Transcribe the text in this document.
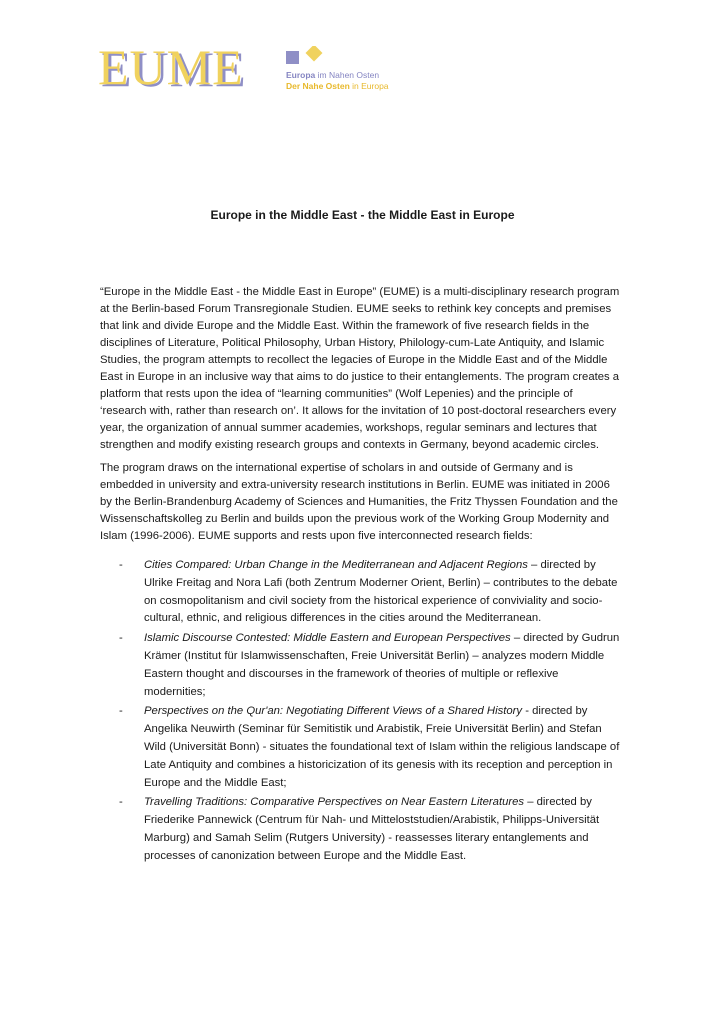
EUME	Europa im Nahen Osten
Der Nahe Osten in Europa
Europe in the Middle East - the Middle East in Europe

“Europe in the Middle East - the Middle East in Europe” (EUME) is a multi-disciplinary research program at the Berlin-based Forum Transregionale Studien. EUME seeks to rethink key concepts and premises that link and divide Europe and the Middle East. Within the framework of five research fields in the disciplines of Literature, Political Philosophy, Urban History, Philology-cum-Late Antiquity, and Islamic Studies, the program attempts to recollect the legacies of Europe in the Middle East and of the Middle East in Europe in an inclusive way that aims to do justice to their entanglements. The program creates a platform that rests upon the idea of “learning communities” (Wolf Lepenies) and the principle of ‘research with, rather than research on’. It allows for the invitation of 10 post-doctoral researchers every year, the organization of annual summer academies, workshops, regular seminars and lectures that strengthen and modify existing research groups and contexts in Germany, beyond academic circles.

The program draws on the international expertise of scholars in and outside of Germany and is embedded in university and extra-university research institutions in Berlin. EUME was initiated in 2006 by the Berlin-Brandenburg Academy of Sciences and Humanities, the Fritz Thyssen Foundation and the Wissenschaftskolleg zu Berlin and builds upon the previous work of the Working Group Modernity and Islam (1996-2006). EUME supports and rests upon five interconnected research fields:

- Cities Compared: Urban Change in the Mediterranean and Adjacent Regions – directed by Ulrike Freitag and Nora Lafi (both Zentrum Moderner Orient, Berlin) – contributes to the debate on cosmopolitanism and civil society from the historical experience of conviviality and socio-cultural, ethnic, and religious differences in the cities around the Mediterranean.
- Islamic Discourse Contested: Middle Eastern and European Perspectives – directed by Gudrun Krämer (Institut für Islamwissenschaften, Freie Universität Berlin) – analyzes modern Middle Eastern thought and discourses in the framework of theories of multiple or reflexive modernities;
- Perspectives on the Qur'an: Negotiating Different Views of a Shared History - directed by Angelika Neuwirth (Seminar für Semitistik und Arabistik, Freie Universität Berlin) and Stefan Wild (Universität Bonn) - situates the foundational text of Islam within the religious landscape of Late Antiquity and combines a historicization of its genesis with its reception and perception in Europe and the Middle East;
- Travelling Traditions: Comparative Perspectives on Near Eastern Literatures – directed by Friederike Pannewick (Centrum für Nah- und Mitteloststudien/Arabistik, Philipps-Universität Marburg) and Samah Selim (Rutgers University) - reassesses literary entanglements and processes of canonization between Europe and the Middle East.
